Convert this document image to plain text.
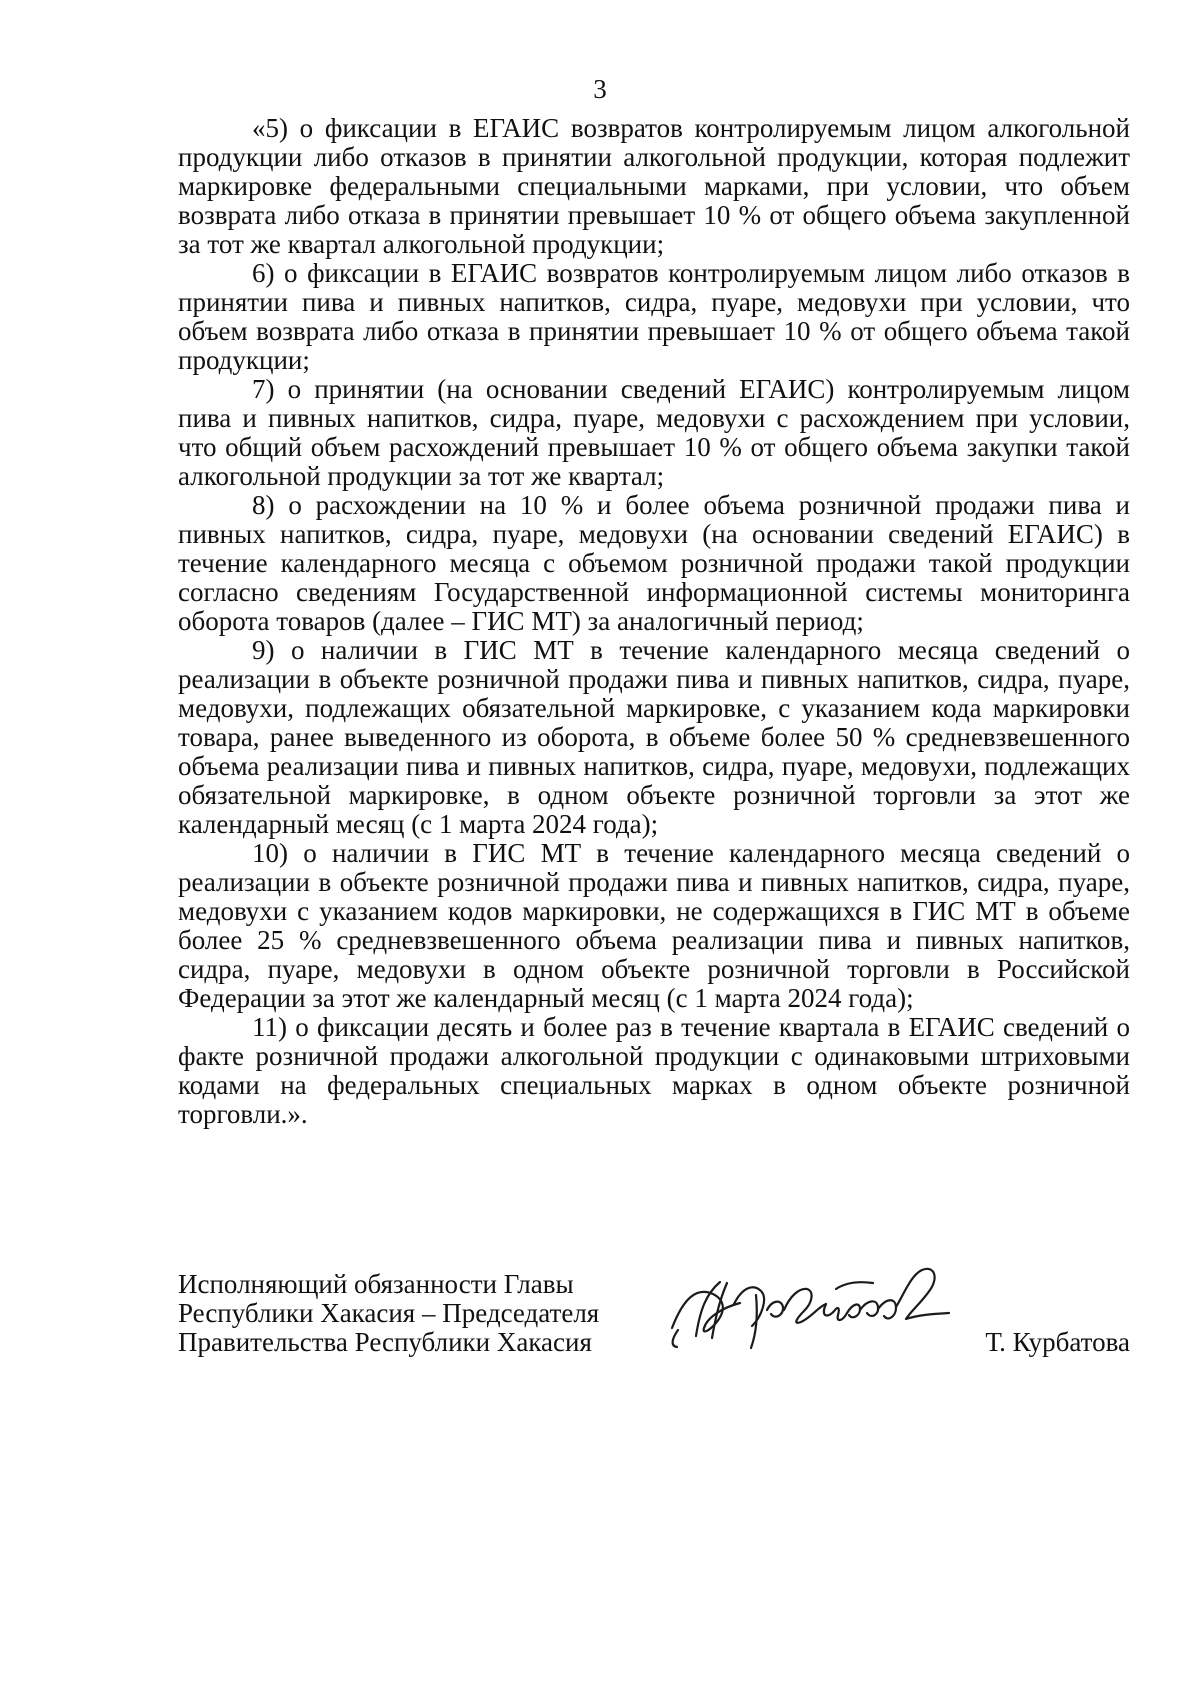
3

«5) о фиксации в ЕГАИС возвратов контролируемым лицом алкогольной продукции либо отказов в принятии алкогольной продукции, которая подлежит маркировке федеральными специальными марками, при условии, что объем возврата либо отказа в принятии превышает 10 % от общего объема закупленной за тот же квартал алкогольной продукции;

6) о фиксации в ЕГАИС возвратов контролируемым лицом либо отказов в принятии пива и пивных напитков, сидра, пуаре, медовухи при условии, что объем возврата либо отказа в принятии превышает 10 % от общего объема такой продукции;

7) о принятии (на основании сведений ЕГАИС) контролируемым лицом пива и пивных напитков, сидра, пуаре, медовухи с расхождением при условии, что общий объем расхождений превышает 10 % от общего объема закупки такой алкогольной продукции за тот же квартал;

8) о расхождении на 10 % и более объема розничной продажи пива и пивных напитков, сидра, пуаре, медовухи (на основании сведений ЕГАИС) в течение календарного месяца с объемом розничной продажи такой продукции согласно сведениям Государственной информационной системы мониторинга оборота товаров (далее – ГИС МТ) за аналогичный период;

9) о наличии в ГИС МТ в течение календарного месяца сведений о реализации в объекте розничной продажи пива и пивных напитков, сидра, пуаре, медовухи, подлежащих обязательной маркировке, с указанием кода маркировки товара, ранее выведенного из оборота, в объеме более 50 % средневзвешенного объема реализации пива и пивных напитков, сидра, пуаре, медовухи, подлежащих обязательной маркировке, в одном объекте розничной торговли за этот же календарный месяц (с 1 марта 2024 года);

10) о наличии в ГИС МТ в течение календарного месяца сведений о реализации в объекте розничной продажи пива и пивных напитков, сидра, пуаре, медовухи с указанием кодов маркировки, не содержащихся в ГИС МТ в объеме более 25 % средневзвешенного объема реализации пива и пивных напитков, сидра, пуаре, медовухи в одном объекте розничной торговли в Российской Федерации за этот же календарный месяц (с 1 марта 2024 года);

11) о фиксации десять и более раз в течение квартала в ЕГАИС сведений о факте розничной продажи алкогольной продукции с одинаковыми штриховыми кодами на федеральных специальных марках в одном объекте розничной торговли.».

Исполняющий обязанности Главы
Республики Хакасия – Председателя
Правительства Республики Хакасия	Т. Курбатова
